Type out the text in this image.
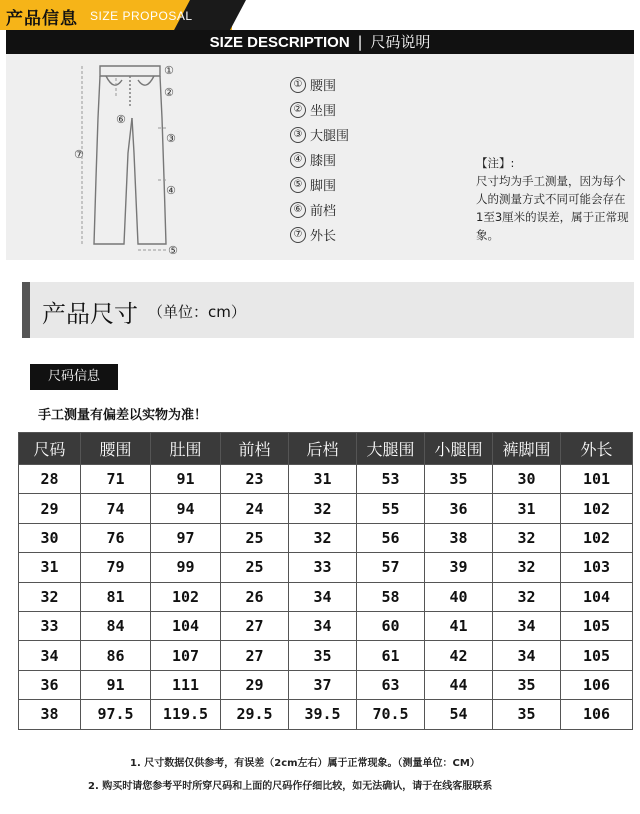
产品信息 SIZE PROPOSAL
SIZE DESCRIPTION | 尺码说明
①
②
③
④
⑤
⑥
⑦
① 腰围
② 坐围
③ 大腿围
④ 膝围
⑤ 脚围
⑥ 前档
⑦ 外长
【注】:
尺寸均为手工测量，因为每个
人的测量方式不同可能会存在
1至3厘米的误差，属于正常现
象。
产品尺寸 （单位：cm）
尺码信息
手工测量有偏差以实物为准！
尺码	腰围	肚围	前档	后档	大腿围	小腿围	裤脚围	外长
28	71	91	23	31	53	35	30	101
29	74	94	24	32	55	36	31	102
30	76	97	25	32	56	38	32	102
31	79	99	25	33	57	39	32	103
32	81	102	26	34	58	40	32	104
33	84	104	27	34	60	41	34	105
34	86	107	27	35	61	42	34	105
36	91	111	29	37	63	44	35	106
38	97.5	119.5	29.5	39.5	70.5	54	35	106
1. 尺寸数据仅供参考，有误差（2cm左右）属于正常现象。（测量单位：CM）
2. 购买时请您参考平时所穿尺码和上面的尺码作仔细比较，如无法确认，请于在线客服联系
